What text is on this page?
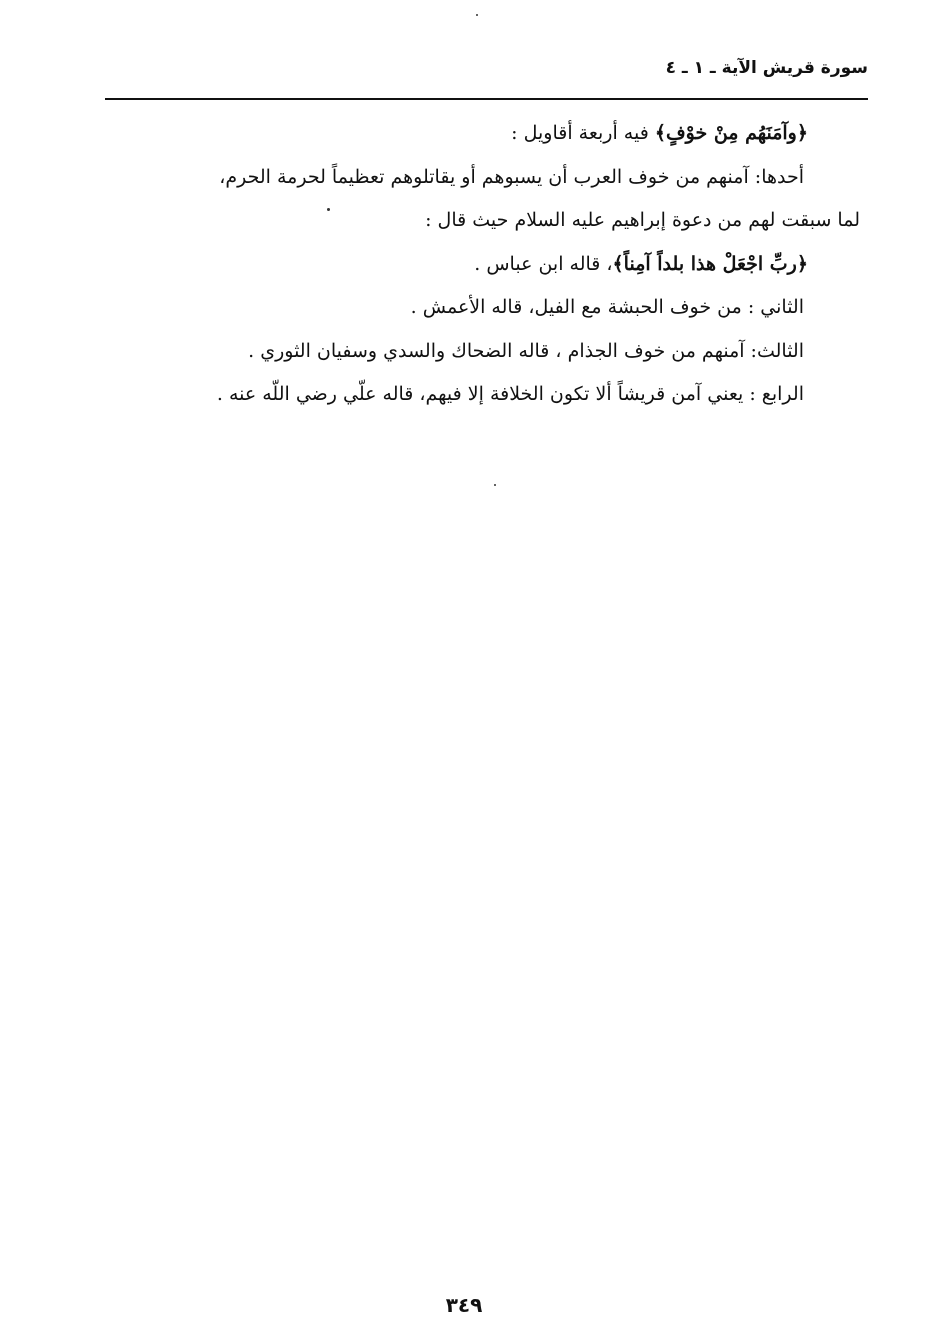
سورة قريش الآية ـ ١ ـ ٤
﴿وآمَنَهُم مِنْ خوْفٍ﴾ فيه أربعة أقاويل :
أحدها: آمنهم من خوف العرب أن يسبوهم أو يقاتلوهم تعظيماً لحرمة الحرم،
لما سبقت لهم من دعوة إبراهيم عليه السلام حيث قال :
﴿ربِّ اجْعَلْ هذا بلداً آمِناً﴾، قاله ابن عباس .
الثاني : من خوف الحبشة مع الفيل، قاله الأعمش .
الثالث: آمنهم من خوف الجذام ، قاله الضحاك والسدي وسفيان الثوري .
الرابع : يعني آمن قريشاً ألا تكون الخلافة إلا فيهم، قاله علّي رضي اللّه عنه .
٣٤٩
